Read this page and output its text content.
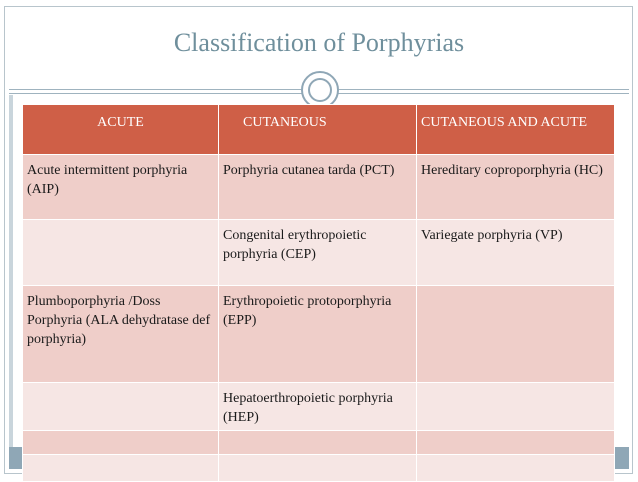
Classification of Porphyrias
ACUTE	CUTANEOUS	CUTANEOUS AND ACUTE
Acute intermittent porphyria (AIP)	Porphyria cutanea tarda (PCT)	Hereditary coproporphyria (HC)
	Congenital erythropoietic porphyria (CEP)	Variegate porphyria (VP)
Plumboporphyria /Doss Porphyria (ALA dehydratase def porphyria)	Erythropoietic protoporphyria (EPP)	
	Hepatoerthropoietic porphyria (HEP)	
